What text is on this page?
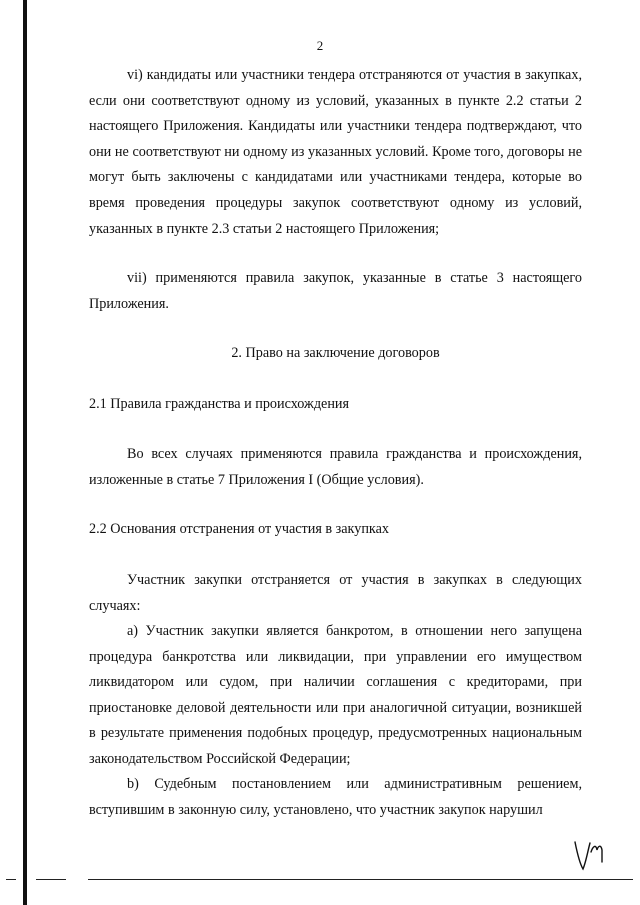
2

vi) кандидаты или участники тендера отстраняются от участия в закупках, если они соответствуют одному из условий, указанных в пункте 2.2 статьи 2 настоящего Приложения. Кандидаты или участники тендера подтверждают, что они не соответствуют ни одному из указанных условий. Кроме того, договоры не могут быть заключены с кандидатами или участниками тендера, которые во время проведения процедуры закупок соответствуют одному из условий, указанных в пункте 2.3 статьи 2 настоящего Приложения;

vii) применяются правила закупок, указанные в статье 3 настоящего Приложения.

2. Право на заключение договоров

2.1 Правила гражданства и происхождения

Во всех случаях применяются правила гражданства и происхождения, изложенные в статье 7 Приложения I (Общие условия).

2.2 Основания отстранения от участия в закупках

Участник закупки отстраняется от участия в закупках в следующих случаях:

a) Участник закупки является банкротом, в отношении него запущена процедура банкротства или ликвидации, при управлении его имуществом ликвидатором или судом, при наличии соглашения с кредиторами, при приостановке деловой деятельности или при аналогичной ситуации, возникшей в результате применения подобных процедур, предусмотренных национальным законодательством Российской Федерации;

b) Судебным постановлением или административным решением, вступившим в законную силу, установлено, что участник закупок нарушил
